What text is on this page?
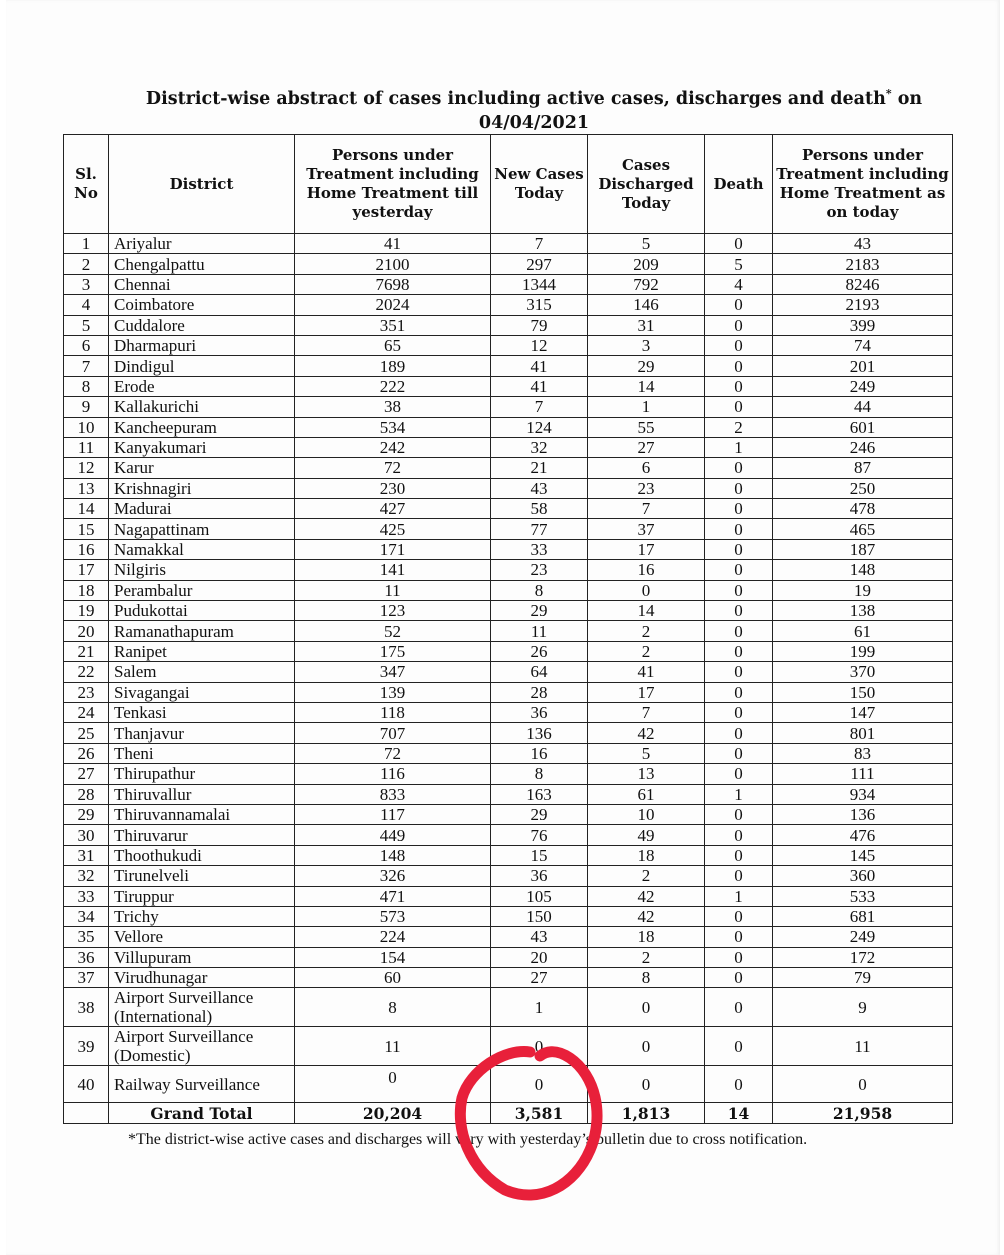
District-wise abstract of cases including active cases, discharges and death* on
04/04/2021
Sl. No	District	Persons under Treatment including Home Treatment till yesterday	New Cases Today	Cases Discharged Today	Death	Persons under Treatment including Home Treatment as on today
1	Ariyalur	41	7	5	0	43
2	Chengalpattu	2100	297	209	5	2183
3	Chennai	7698	1344	792	4	8246
4	Coimbatore	2024	315	146	0	2193
5	Cuddalore	351	79	31	0	399
6	Dharmapuri	65	12	3	0	74
7	Dindigul	189	41	29	0	201
8	Erode	222	41	14	0	249
9	Kallakurichi	38	7	1	0	44
10	Kancheepuram	534	124	55	2	601
11	Kanyakumari	242	32	27	1	246
12	Karur	72	21	6	0	87
13	Krishnagiri	230	43	23	0	250
14	Madurai	427	58	7	0	478
15	Nagapattinam	425	77	37	0	465
16	Namakkal	171	33	17	0	187
17	Nilgiris	141	23	16	0	148
18	Perambalur	11	8	0	0	19
19	Pudukottai	123	29	14	0	138
20	Ramanathapuram	52	11	2	0	61
21	Ranipet	175	26	2	0	199
22	Salem	347	64	41	0	370
23	Sivagangai	139	28	17	0	150
24	Tenkasi	118	36	7	0	147
25	Thanjavur	707	136	42	0	801
26	Theni	72	16	5	0	83
27	Thirupathur	116	8	13	0	111
28	Thiruvallur	833	163	61	1	934
29	Thiruvannamalai	117	29	10	0	136
30	Thiruvarur	449	76	49	0	476
31	Thoothukudi	148	15	18	0	145
32	Tirunelveli	326	36	2	0	360
33	Tiruppur	471	105	42	1	533
34	Trichy	573	150	42	0	681
35	Vellore	224	43	18	0	249
36	Villupuram	154	20	2	0	172
37	Virudhunagar	60	27	8	0	79
38	Airport Surveillance (International)	8	1	0	0	9
39	Airport Surveillance (Domestic)	11	0	0	0	11
40	Railway Surveillance	0	0	0	0	0
	Grand Total	20,204	3,581	1,813	14	21,958
*The district-wise active cases and discharges will vary with yesterday’s bulletin due to cross notification.
